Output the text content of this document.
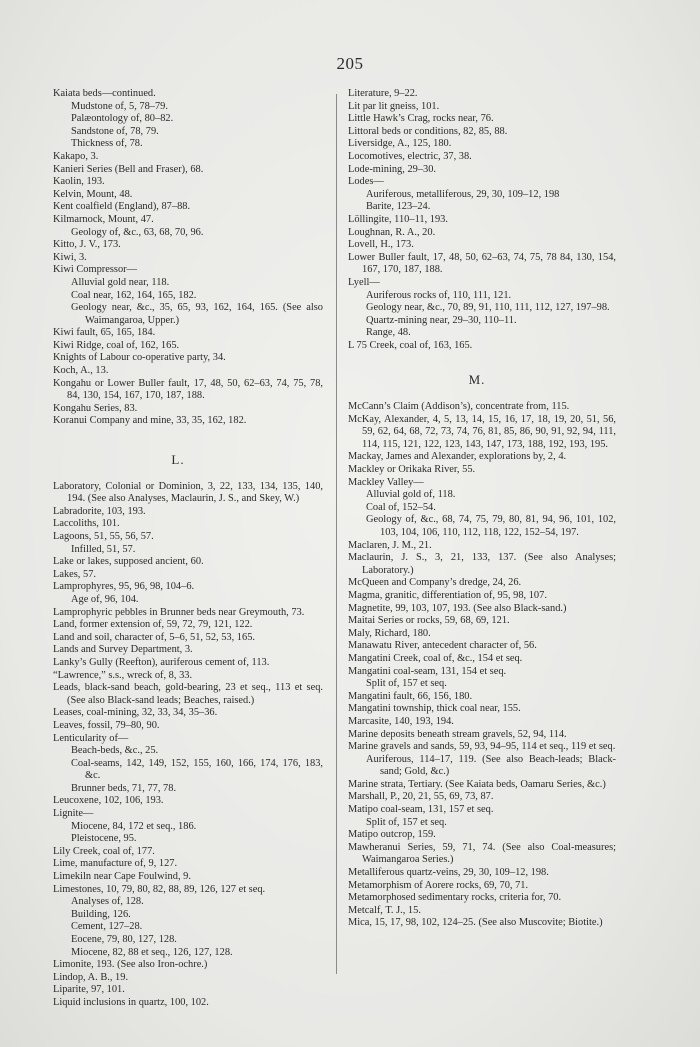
205
Kaiata beds—continued.
Mudstone of, 5, 78–79.
Palæontology of, 80–82.
Sandstone of, 78, 79.
Thickness of, 78.
Kakapo, 3.
Kanieri Series (Bell and Fraser), 68.
Kaolin, 193.
Kelvin, Mount, 48.
Kent coalfield (England), 87–88.
Kilmarnock, Mount, 47.
Geology of, &c., 63, 68, 70, 96.
Kitto, J. V., 173.
Kiwi, 3.
Kiwi Compressor—
Alluvial gold near, 118.
Coal near, 162, 164, 165, 182.
Geology near, &c., 35, 65, 93, 162, 164, 165. (See also Waimangaroa, Upper.)
Kiwi fault, 65, 165, 184.
Kiwi Ridge, coal of, 162, 165.
Knights of Labour co-operative party, 34.
Koch, A., 13.
Kongahu or Lower Buller fault, 17, 48, 50, 62–63, 74, 75, 78, 84, 130, 154, 167, 170, 187, 188.
Kongahu Series, 83.
Koranui Company and mine, 33, 35, 162, 182.
L.
Laboratory, Colonial or Dominion, 3, 22, 133, 134, 135, 140, 194. (See also Analyses, Maclaurin, J. S., and Skey, W.)
Labradorite, 103, 193.
Laccoliths, 101.
Lagoons, 51, 55, 56, 57.
Infilled, 51, 57.
Lake or lakes, supposed ancient, 60.
Lakes, 57.
Lamprophyres, 95, 96, 98, 104–6.
Age of, 96, 104.
Lamprophyric pebbles in Brunner beds near Greymouth, 73.
Land, former extension of, 59, 72, 79, 121, 122.
Land and soil, character of, 5–6, 51, 52, 53, 165.
Lands and Survey Department, 3.
Lanky’s Gully (Reefton), auriferous cement of, 113.
“Lawrence,” s.s., wreck of, 8, 33.
Leads, black-sand beach, gold-bearing, 23 et seq., 113 et seq. (See also Black-sand leads; Beaches, raised.)
Leases, coal-mining, 32, 33, 34, 35–36.
Leaves, fossil, 79–80, 90.
Lenticularity of—
Beach-beds, &c., 25.
Coal-seams, 142, 149, 152, 155, 160, 166, 174, 176, 183, &c.
Brunner beds, 71, 77, 78.
Leucoxene, 102, 106, 193.
Lignite—
Miocene, 84, 172 et seq., 186.
Pleistocene, 95.
Lily Creek, coal of, 177.
Lime, manufacture of, 9, 127.
Limekiln near Cape Foulwind, 9.
Limestones, 10, 79, 80, 82, 88, 89, 126, 127 et seq.
Analyses of, 128.
Building, 126.
Cement, 127–28.
Eocene, 79, 80, 127, 128.
Miocene, 82, 88 et seq., 126, 127, 128.
Limonite, 193. (See also Iron-ochre.)
Lindop, A. B., 19.
Liparite, 97, 101.
Liquid inclusions in quartz, 100, 102.
Literature, 9–22.
Lit par lit gneiss, 101.
Little Hawk’s Crag, rocks near, 76.
Littoral beds or conditions, 82, 85, 88.
Liversidge, A., 125, 180.
Locomotives, electric, 37, 38.
Lode-mining, 29–30.
Lodes—
Auriferous, metalliferous, 29, 30, 109–12, 198
Barite, 123–24.
Löllingite, 110–11, 193.
Loughnan, R. A., 20.
Lovell, H., 173.
Lower Buller fault, 17, 48, 50, 62–63, 74, 75, 78 84, 130, 154, 167, 170, 187, 188.
Lyell—
Auriferous rocks of, 110, 111, 121.
Geology near, &c., 70, 89, 91, 110, 111, 112, 127, 197–98.
Quartz-mining near, 29–30, 110–11.
Range, 48.
L 75 Creek, coal of, 163, 165.
M.
McCann’s Claim (Addison’s), concentrate from, 115.
McKay, Alexander, 4, 5, 13, 14, 15, 16, 17, 18, 19, 20, 51, 56, 59, 62, 64, 68, 72, 73, 74, 76, 81, 85, 86, 90, 91, 92, 94, 111, 114, 115, 121, 122, 123, 143, 147, 173, 188, 192, 193, 195.
Mackay, James and Alexander, explorations by, 2, 4.
Mackley or Orikaka River, 55.
Mackley Valley—
Alluvial gold of, 118.
Coal of, 152–54.
Geology of, &c., 68, 74, 75, 79, 80, 81, 94, 96, 101, 102, 103, 104, 106, 110, 112, 118, 122, 152–54, 197.
Maclaren, J. M., 21.
Maclaurin, J. S., 3, 21, 133, 137. (See also Analyses; Laboratory.)
McQueen and Company’s dredge, 24, 26.
Magma, granitic, differentiation of, 95, 98, 107.
Magnetite, 99, 103, 107, 193. (See also Black-sand.)
Maitai Series or rocks, 59, 68, 69, 121.
Maly, Richard, 180.
Manawatu River, antecedent character of, 56.
Mangatini Creek, coal of, &c., 154 et seq.
Mangatini coal-seam, 131, 154 et seq.
Split of, 157 et seq.
Mangatini fault, 66, 156, 180.
Mangatini township, thick coal near, 155.
Marcasite, 140, 193, 194.
Marine deposits beneath stream gravels, 52, 94, 114.
Marine gravels and sands, 59, 93, 94–95, 114 et seq., 119 et seq.
Auriferous, 114–17, 119. (See also Beach-leads; Black-sand; Gold, &c.)
Marine strata, Tertiary. (See Kaiata beds, Oamaru Series, &c.)
Marshall, P., 20, 21, 55, 69, 73, 87.
Matipo coal-seam, 131, 157 et seq.
Split of, 157 et seq.
Matipo outcrop, 159.
Mawheranui Series, 59, 71, 74. (See also Coal-measures; Waimangaroa Series.)
Metalliferous quartz-veins, 29, 30, 109–12, 198.
Metamorphism of Aorere rocks, 69, 70, 71.
Metamorphosed sedimentary rocks, criteria for, 70.
Metcalf, T. J., 15.
Mica, 15, 17, 98, 102, 124–25. (See also Muscovite; Biotite.)
